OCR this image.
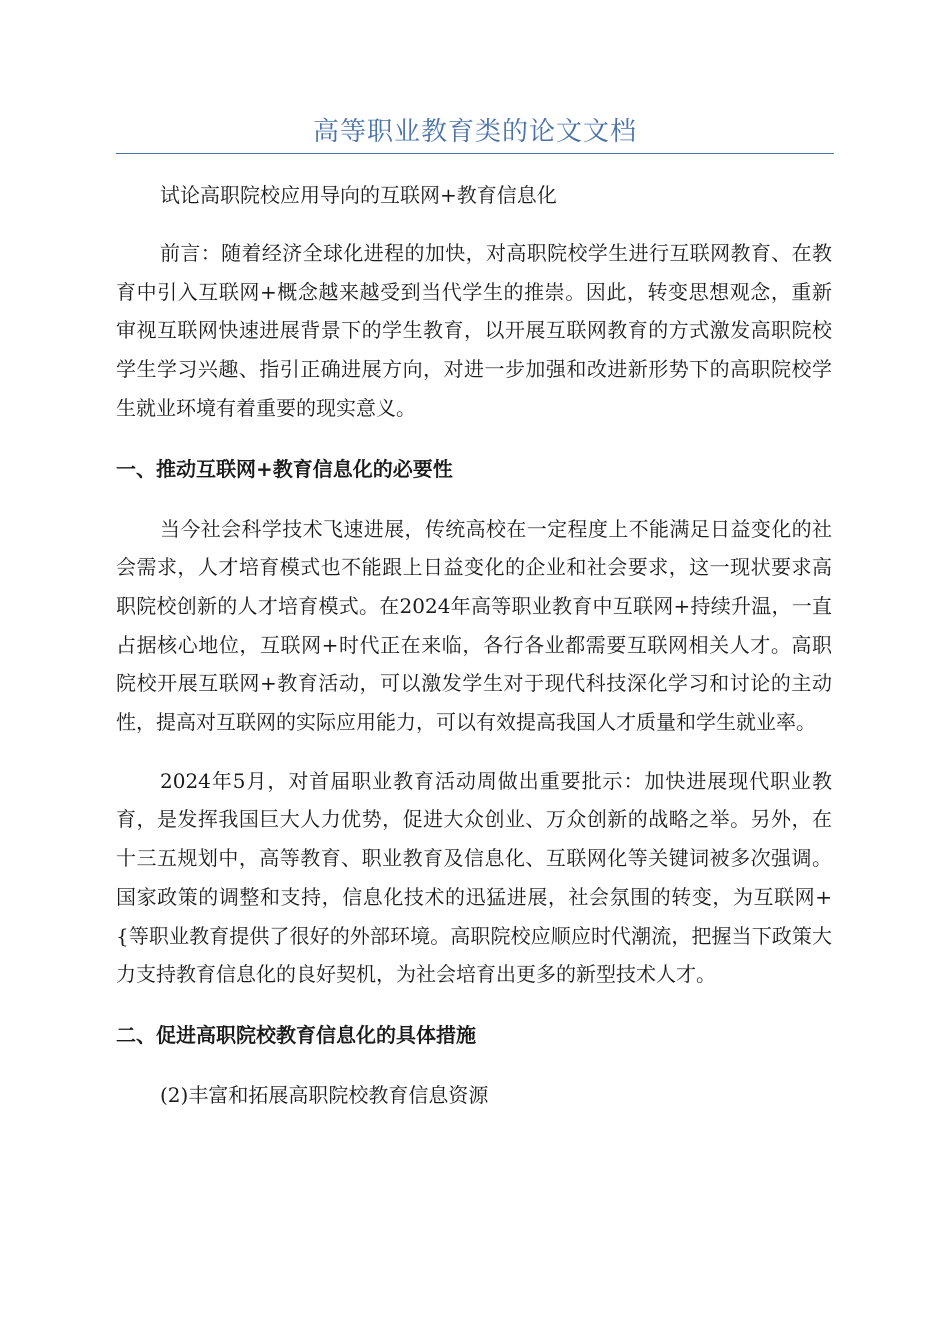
高等职业教育类的论文文档

试论高职院校应用导向的互联网+教育信息化

前言：随着经济全球化进程的加快，对高职院校学生进行互联网教育、在教育中引入互联网+概念越来越受到当代学生的推崇。因此，转变思想观念，重新审视互联网快速进展背景下的学生教育，以开展互联网教育的方式激发高职院校学生学习兴趣、指引正确进展方向，对进一步加强和改进新形势下的高职院校学生就业环境有着重要的现实意义。

一、推动互联网+教育信息化的必要性

当今社会科学技术飞速进展，传统高校在一定程度上不能满足日益变化的社会需求，人才培育模式也不能跟上日益变化的企业和社会要求，这一现状要求高职院校创新的人才培育模式。在2024年高等职业教育中互联网+持续升温，一直占据核心地位，互联网+时代正在来临，各行各业都需要互联网相关人才。高职院校开展互联网+教育活动，可以激发学生对于现代科技深化学习和讨论的主动性，提高对互联网的实际应用能力，可以有效提高我国人才质量和学生就业率。

2024年5月，对首届职业教育活动周做出重要批示：加快进展现代职业教育，是发挥我国巨大人力优势，促进大众创业、万众创新的战略之举。另外，在十三五规划中，高等教育、职业教育及信息化、互联网化等关键词被多次强调。国家政策的调整和支持，信息化技术的迅猛进展，社会氛围的转变，为互联网+{等职业教育提供了很好的外部环境。高职院校应顺应时代潮流，把握当下政策大力支持教育信息化的良好契机，为社会培育出更多的新型技术人才。

二、促进高职院校教育信息化的具体措施

(2)丰富和拓展高职院校教育信息资源
